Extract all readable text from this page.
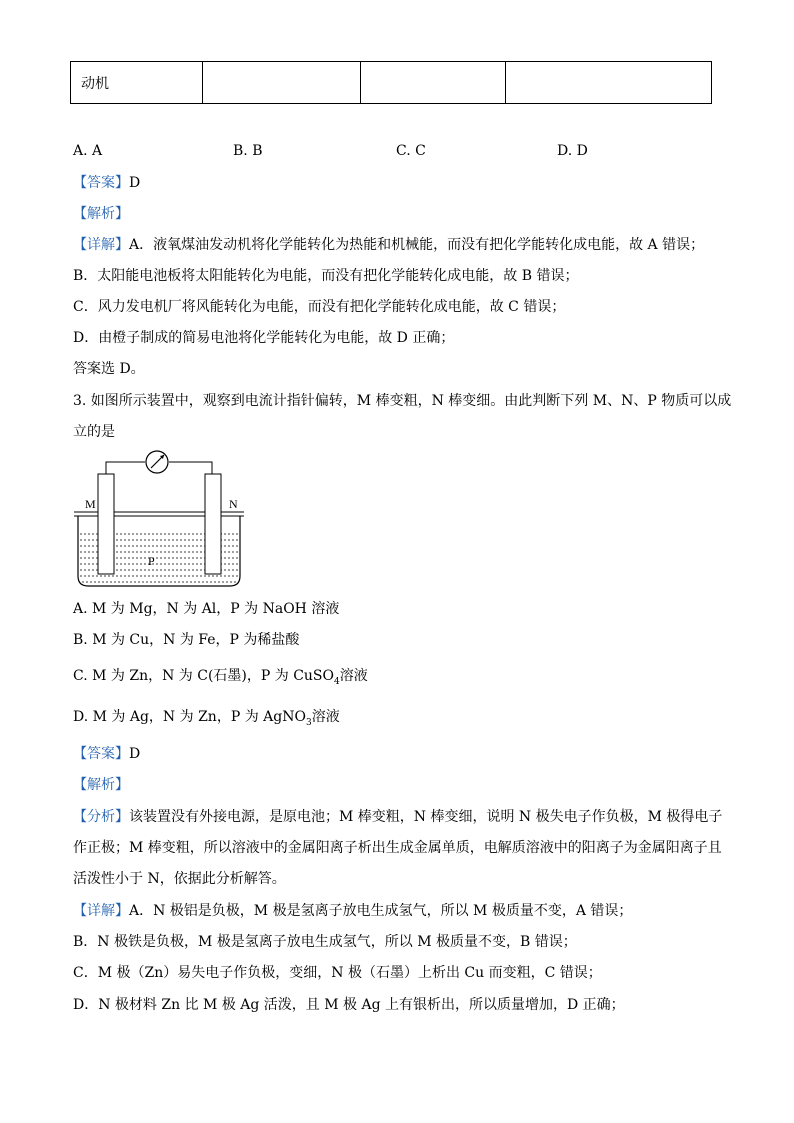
动机			
A. A	B. B	C. C	D. D
【答案】D
【解析】
【详解】A．液氧煤油发动机将化学能转化为热能和机械能，而没有把化学能转化成电能，故 A 错误；
B．太阳能电池板将太阳能转化为电能，而没有把化学能转化成电能，故 B 错误；
C．风力发电机厂将风能转化为电能，而没有把化学能转化成电能，故 C 错误；
D．由橙子制成的简易电池将化学能转化为电能，故 D 正确；
答案选 D。
3. 如图所示装置中，观察到电流计指针偏转，M 棒变粗，N 棒变细。由此判断下列 M、N、P 物质可以成
立的是
M	N
P
A. M 为 Mg，N 为 Al，P 为 NaOH 溶液
B. M 为 Cu，N 为 Fe，P 为稀盐酸
C. M 为 Zn，N 为 C(石墨)，P 为 CuSO$_4$溶液
D. M 为 Ag，N 为 Zn，P 为 AgNO$_3$溶液
【答案】D
【解析】
【分析】该装置没有外接电源，是原电池；M 棒变粗，N 棒变细，说明 N 极失电子作负极，M 极得电子
作正极；M 棒变粗，所以溶液中的金属阳离子析出生成金属单质，电解质溶液中的阳离子为金属阳离子且
活泼性小于 N，依据此分析解答。
【详解】A．N 极铝是负极，M 极是氢离子放电生成氢气，所以 M 极质量不变，A 错误；
B．N 极铁是负极，M 极是氢离子放电生成氢气，所以 M 极质量不变，B 错误；
C．M 极（Zn）易失电子作负极，变细，N 极（石墨）上析出 Cu 而变粗，C 错误；
D．N 极材料 Zn 比 M 极 Ag 活泼，且 M 极 Ag 上有银析出，所以质量增加，D 正确；
